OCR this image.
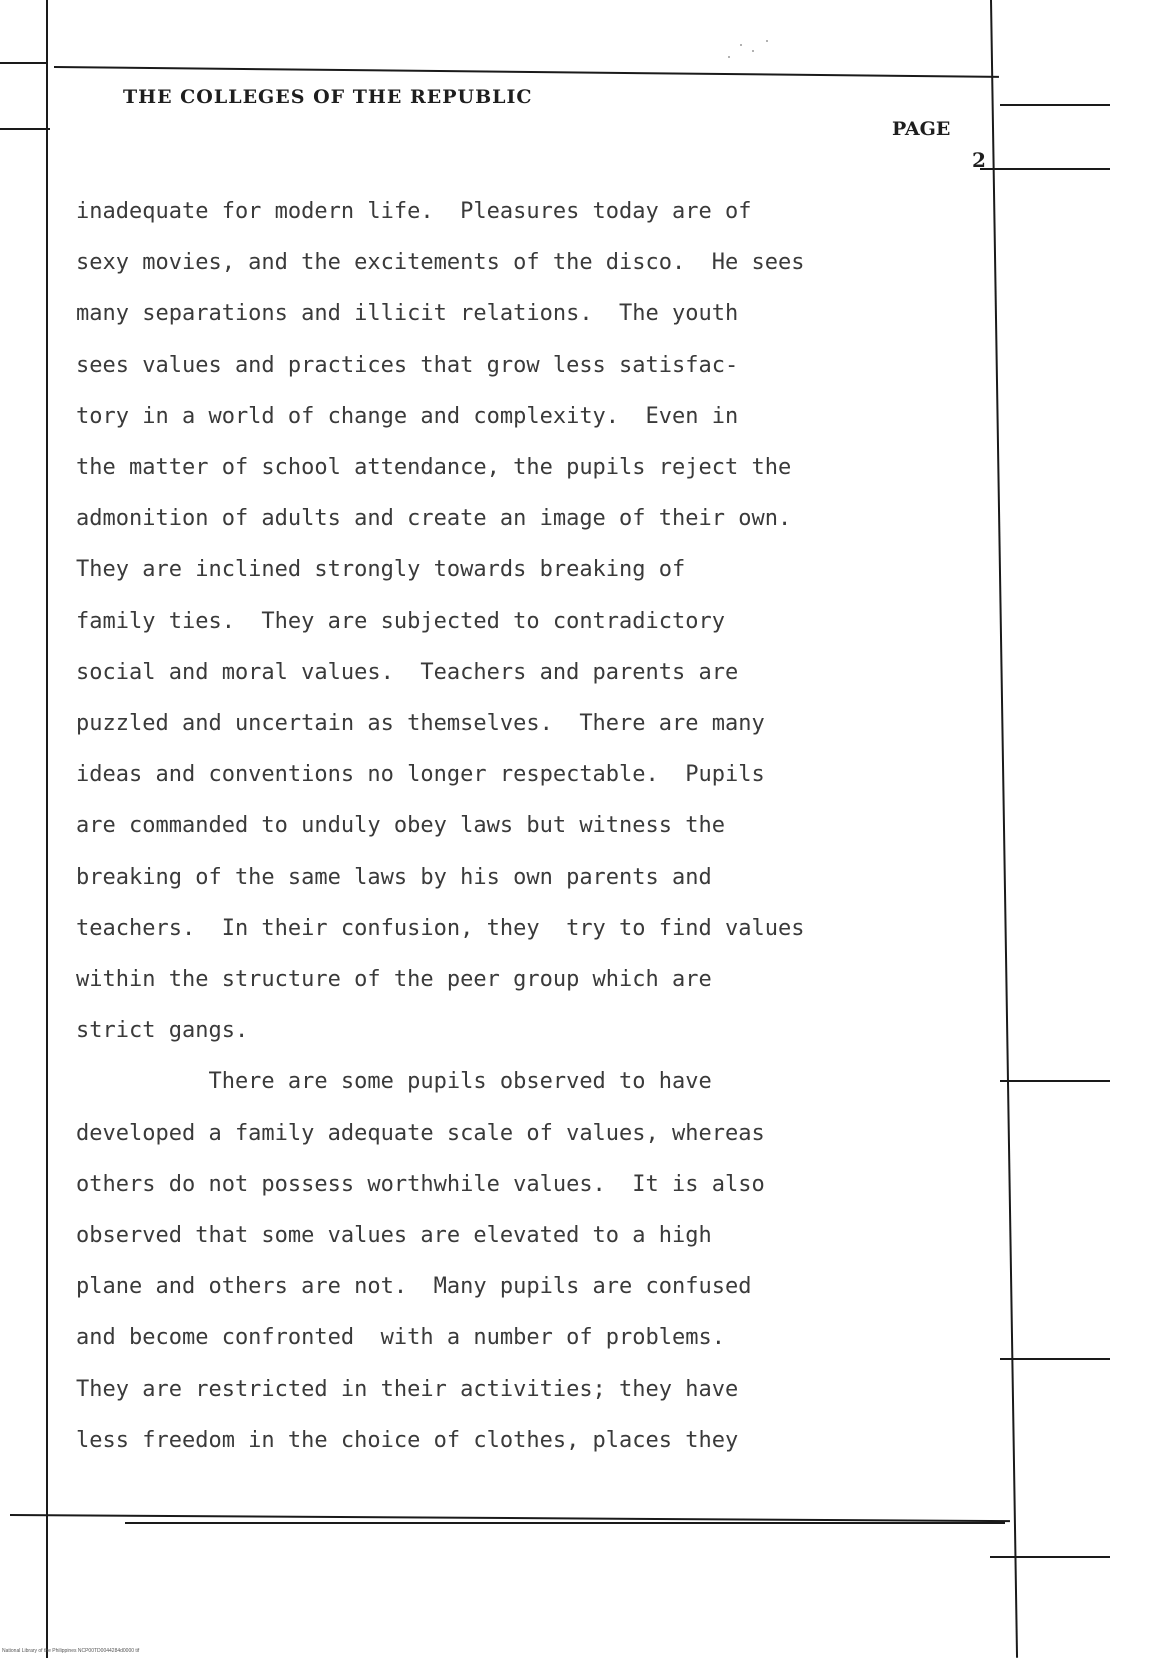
THE COLLEGES OF THE REPUBLIC
PAGE
2
inadequate for modern life.  Pleasures today are of
sexy movies, and the excitements of the disco.  He sees
many separations and illicit relations.  The youth
sees values and practices that grow less satisfac-
tory in a world of change and complexity.  Even in
the matter of school attendance, the pupils reject the
admonition of adults and create an image of their own.
They are inclined strongly towards breaking of
family ties.  They are subjected to contradictory
social and moral values.  Teachers and parents are
puzzled and uncertain as themselves.  There are many
ideas and conventions no longer respectable.  Pupils
are commanded to unduly obey laws but witness the
breaking of the same laws by his own parents and
teachers.  In their confusion, they  try to find values
within the structure of the peer group which are
strict gangs.
There are some pupils observed to have
developed a family adequate scale of values, whereas
others do not possess worthwhile values.  It is also
observed that some values are elevated to a high
plane and others are not.  Many pupils are confused
and become confronted  with a number of problems.
They are restricted in their activities; they have
less freedom in the choice of clothes, places they
National Library of the Philippines NCP00TD0044284d0000 tif
